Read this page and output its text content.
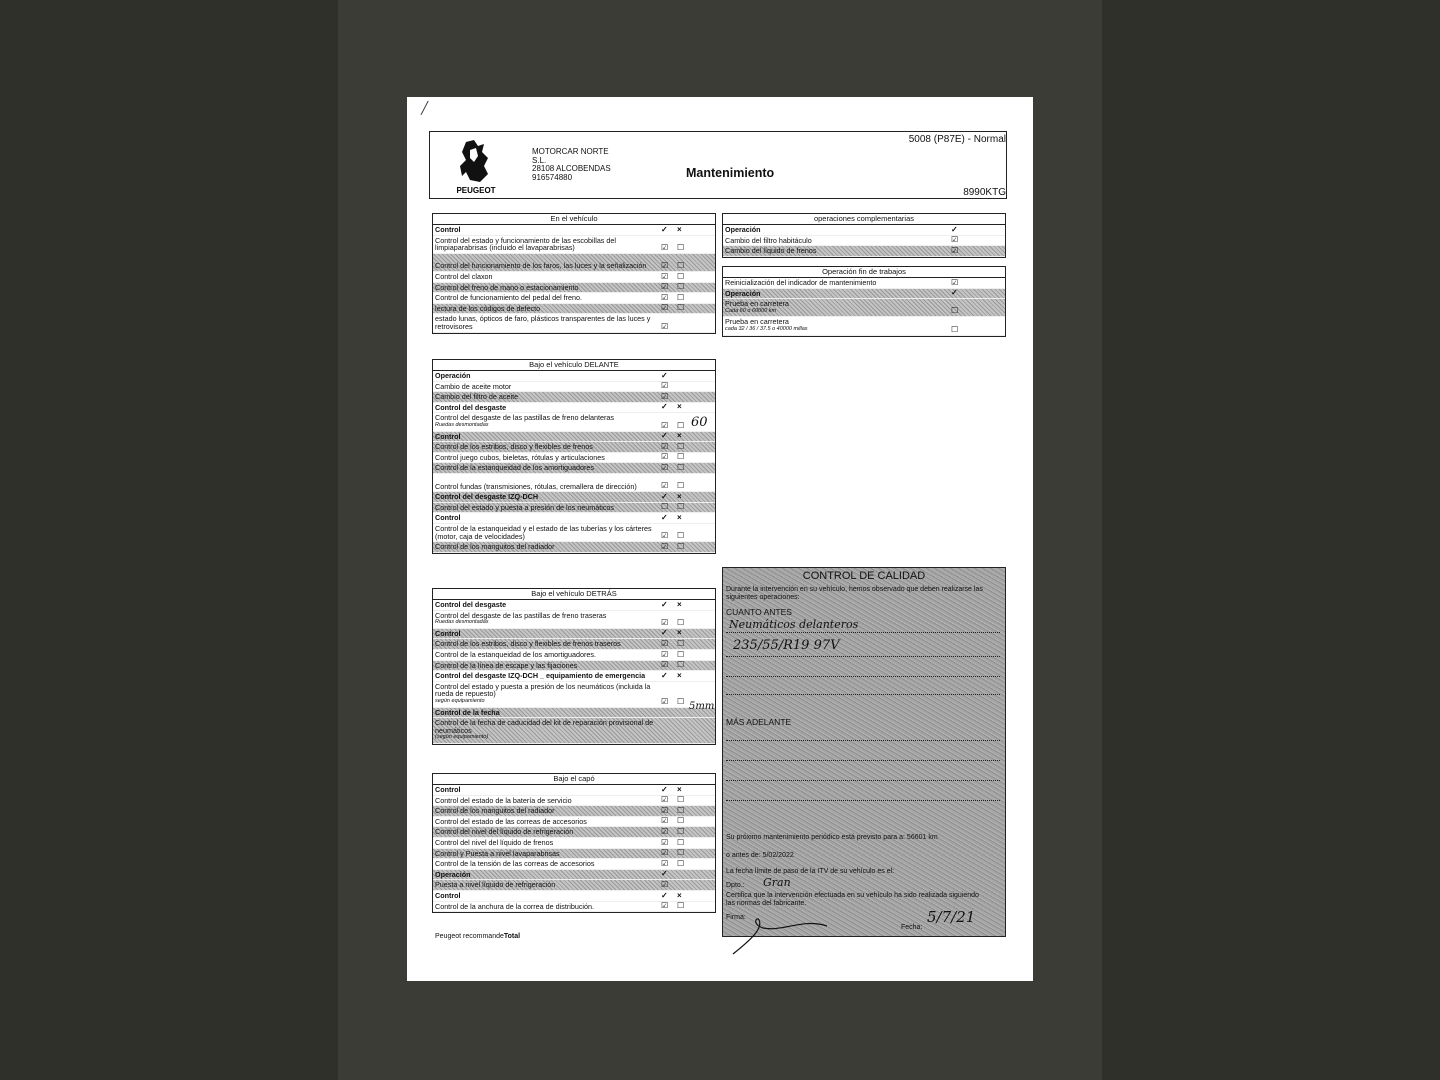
PEUGEOT
MOTORCAR NORTE
S.L.
28108 ALCOBENDAS
916574880	Mantenimiento
5008 (P87E) - Normal
8990KTG
En el vehículo
Control	✓ ×
Control del estado y funcionamiento de las escobillas del limpiaparabrisas (incluido el lavaparabrisas)	☑ ☐
Control del funcionamiento de los faros, las luces y la señalización	☑ ☐
Control del claxon	☑ ☐
Control del freno de mano o estacionamiento	☑ ☐
Control de funcionamiento del pedal del freno.	☑ ☐
lectura de los códigos de defecto	☑ ☐
estado lunas, ópticos de faro, plásticos transparentes de las luces y retrovisores	☑
Bajo el vehículo DELANTE
Operación	✓
Cambio de aceite motor	☑
Cambio del filtro de aceite	☑
Control del desgaste	✓ ×
Control del desgaste de las pastillas de freno delanteras
Ruedas desmontadas	☑ ☐
Control	✓ ×
Control de los estribos, disco y flexibles de frenos	☑ ☐
Control juego cubos, bieletas, rótulas y articulaciones	☑ ☐
Control de la estanqueidad de los amortiguadores	☑ ☐
Control fundas (transmisiones, rótulas, cremallera de dirección)	☑ ☐
Control del desgaste IZQ-DCH	✓ ×
Control del estado y puesta a presión de los neumáticos	☐ ☐
Control	✓ ×
Control de la estanqueidad y el estado de las tuberías y los cárteres (motor, caja de velocidades)	☑ ☐
Control de los manguitos del radiador	☑ ☐
Bajo el vehículo DETRÁS
Control del desgaste	✓ ×
Control del desgaste de las pastillas de freno traseras
Ruedas desmontadas	☑ ☐
Control	✓ ×
Control de los estribos, disco y flexibles de frenos traseros	☑ ☐
Control de la estanqueidad de los amortiguadores.	☑ ☐
Control de la línea de escape y las fijaciones	☑ ☐
Control del desgaste IZQ-DCH _ equipamiento de emergencia	✓ ×
Control del estado y puesta a presión de los neumáticos (incluida la rueda de repuesto)
según equipamiento	☑ ☐
Control de la fecha
Control de la fecha de caducidad del kit de reparación provisional de neumáticos
(según equipamiento)
Bajo el capó
Control	✓ ×
Control del estado de la batería de servicio	☑ ☐
Control de los manguitos del radiador	☑ ☐
Control del estado de las correas de accesorios	☑ ☐
Control del nivel del líquido de refrigeración	☑ ☐
Control del nivel del líquido de frenos	☑ ☐
Control y Puesta a nivel lavaparabrisas	☑ ☐
Control de la tensión de las correas de accesorios	☑ ☐
Operación	✓
Puesta a nivel líquido de refrigeración	☑
Control	✓ ×
Control de la anchura de la correa de distribución.	☑ ☐
operaciones complementarias
Operación	✓
Cambio del filtro habitáculo	☑
Cambio del líquido de frenos	☑
Operación fin de trabajos
Reinicialización del indicador de mantenimiento	☑
Operación	✓
Prueba en carretera
Cada 60 o 60000 km	☐
Prueba en carretera
cada 32 / 36 / 37.5 o 40000 millas	☐
60
5mm
CONTROL DE CALIDAD
Durante la intervención en su vehículo, hemos observado que deben realizarse las siguientes operaciones:
CUANTO ANTES
Neumáticos delanteros
235/55/R19 97V
MÁS ADELANTE
Su próximo mantenimiento periódico está previsto para a: 56601 km
o antes de: 5/02/2022
La fecha límite de paso de la ITV de su vehículo es el:
Dpto.: Gran
Certifica que la intervención efectuada en su vehículo ha sido realizada siguiendo las normas del fabricante.
Firma:
Fecha:
5/7/21
Peugeot recommandeTotal
╱
